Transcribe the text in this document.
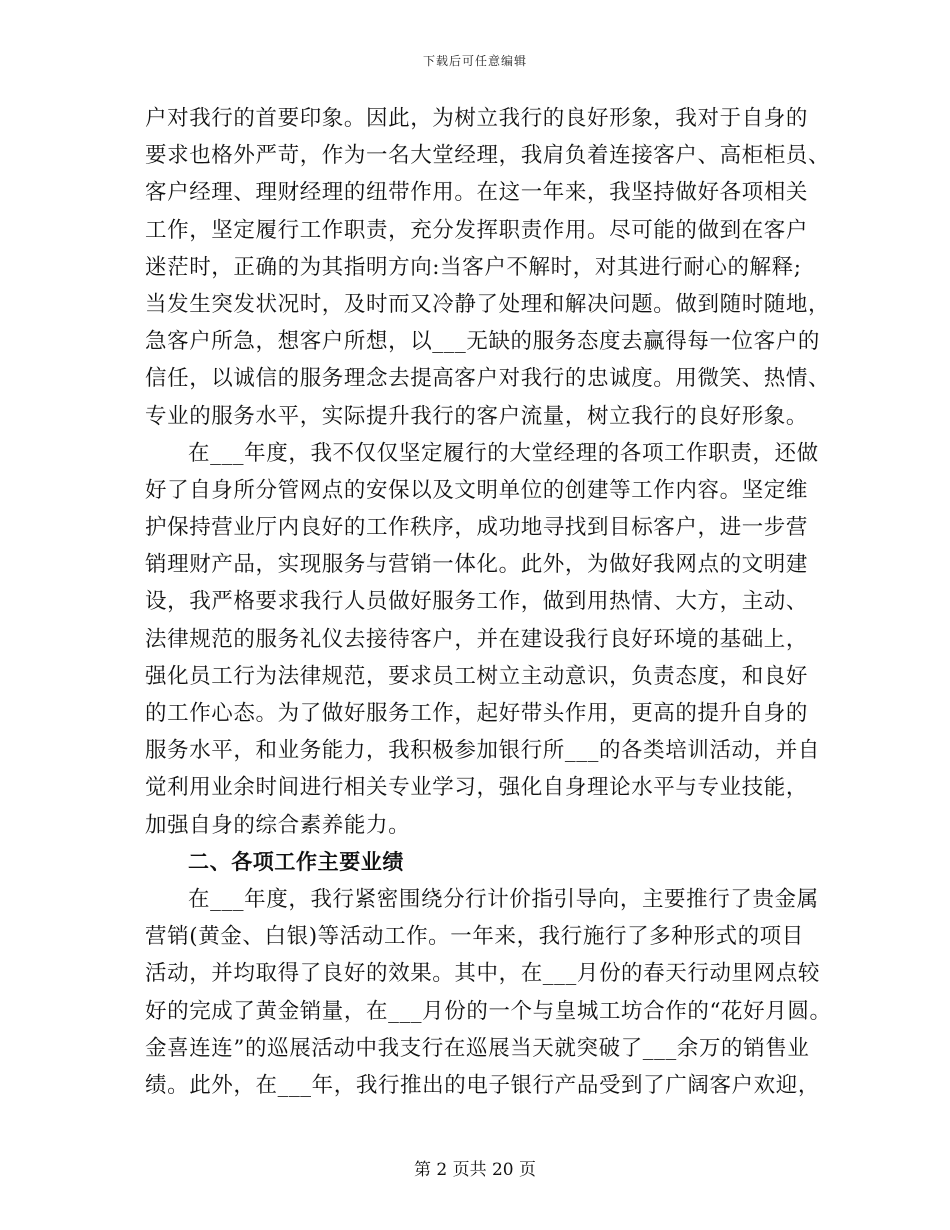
下载后可任意编辑
户对我行的首要印象。因此，为树立我行的良好形象，我对于自身的
要求也格外严苛，作为一名大堂经理，我肩负着连接客户、高柜柜员、
客户经理、理财经理的纽带作用。在这一年来，我坚持做好各项相关
工作，坚定履行工作职责，充分发挥职责作用。尽可能的做到在客户
迷茫时，正确的为其指明方向:当客户不解时，对其进行耐心的解释;
当发生突发状况时，及时而又冷静了处理和解决问题。做到随时随地，
急客户所急，想客户所想，以___无缺的服务态度去赢得每一位客户的
信任，以诚信的服务理念去提高客户对我行的忠诚度。用微笑、热情、
专业的服务水平，实际提升我行的客户流量，树立我行的良好形象。
在___年度，我不仅仅坚定履行的大堂经理的各项工作职责，还做
好了自身所分管网点的安保以及文明单位的创建等工作内容。坚定维
护保持营业厅内良好的工作秩序，成功地寻找到目标客户，进一步营
销理财产品，实现服务与营销一体化。此外，为做好我网点的文明建
设，我严格要求我行人员做好服务工作，做到用热情、大方，主动、
法律规范的服务礼仪去接待客户，并在建设我行良好环境的基础上，
强化员工行为法律规范，要求员工树立主动意识，负责态度，和良好
的工作心态。为了做好服务工作，起好带头作用，更高的提升自身的
服务水平，和业务能力，我积极参加银行所___的各类培训活动，并自
觉利用业余时间进行相关专业学习，强化自身理论水平与专业技能，
加强自身的综合素养能力。
二、各项工作主要业绩
在___年度，我行紧密围绕分行计价指引导向，主要推行了贵金属
营销(黄金、白银)等活动工作。一年来，我行施行了多种形式的项目
活动，并均取得了良好的效果。其中，在___月份的春天行动里网点较
好的完成了黄金销量，在___月份的一个与皇城工坊合作的“花好月圆。
金喜连连”的巡展活动中我支行在巡展当天就突破了___余万的销售业
绩。此外，在___年，我行推出的电子银行产品受到了广阔客户欢迎，
第 2 页共 20 页
